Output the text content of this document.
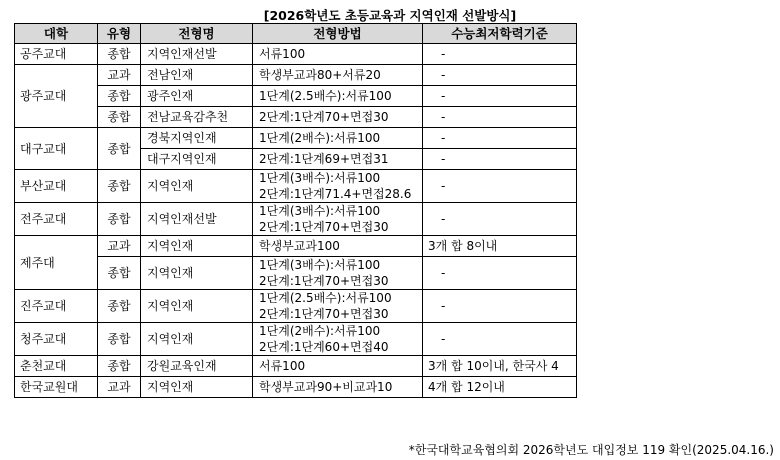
[2026학년도 초등교육과 지역인재 선발방식]
대학	유형	전형명	전형방법	수능최저학력기준
공주교대	종합	지역인재선발	서류100	-
광주교대	교과	전남인재	학생부교과80+서류20	-
	종합	광주인재	1단계(2.5배수):서류100	-
	종합	전남교육감추천	2단계:1단계70+면접30	-
대구교대	종합	경북지역인재	1단계(2배수):서류100	-
		대구지역인재	2단계:1단계69+면접31	-
부산교대	종합	지역인재	1단계(3배수):서류100
2단계:1단계71.4+면접28.6	-
전주교대	종합	지역인재선발	1단계(3배수):서류100
2단계:1단계70+면접30	-
제주대	교과	지역인재	학생부교과100	3개 합 8이내
	종합	지역인재	1단계(3배수):서류100
2단계:1단계70+면접30	-
진주교대	종합	지역인재	1단계(2.5배수):서류100
2단계:1단계70+면접30	-
청주교대	종합	지역인재	1단계(2배수):서류100
2단계:1단계60+면접40	-
춘천교대	종합	강원교육인재	서류100	3개 합 10이내, 한국사 4
한국교원대	교과	지역인재	학생부교과90+비교과10	4개 합 12이내
*한국대학교육협의회 2026학년도 대입정보 119 확인(2025.04.16.)
